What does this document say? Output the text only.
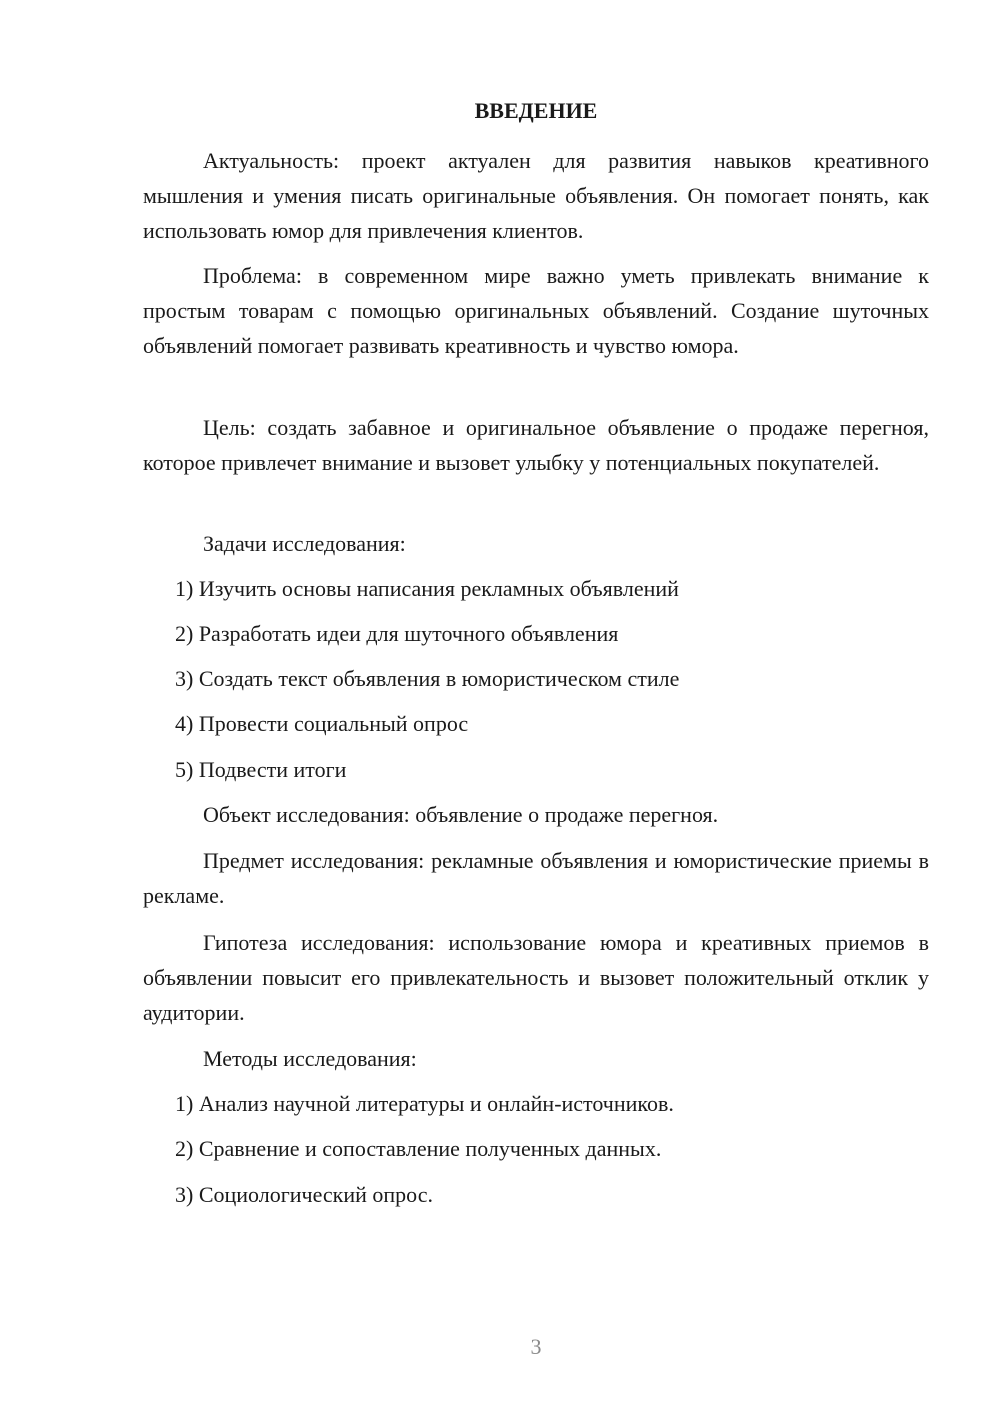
ВВЕДЕНИЕ

Актуальность: проект актуален для развития навыков креативного мышления и умения писать оригинальные объявления. Он помогает понять, как использовать юмор для привлечения клиентов.

Проблема: в современном мире важно уметь привлекать внимание к простым товарам с помощью оригинальных объявлений. Создание шуточных объявлений помогает развивать креативность и чувство юмора.

Цель: создать забавное и оригинальное объявление о продаже перегноя, которое привлечет внимание и вызовет улыбку у потенциальных покупателей.

Задачи исследования:

1) Изучить основы написания рекламных объявлений

2) Разработать идеи для шуточного объявления

3) Создать текст объявления в юмористическом стиле

4) Провести социальный опрос

5) Подвести итоги

Объект исследования: объявление о продаже перегноя.

Предмет исследования: рекламные объявления и юмористические приемы в рекламе.

Гипотеза исследования: использование юмора и креативных приемов в объявлении повысит его привлекательность и вызовет положительный отклик у аудитории.

Методы исследования:

1) Анализ научной литературы и онлайн-источников.

2) Сравнение и сопоставление полученных данных.

3) Социологический опрос.

3
